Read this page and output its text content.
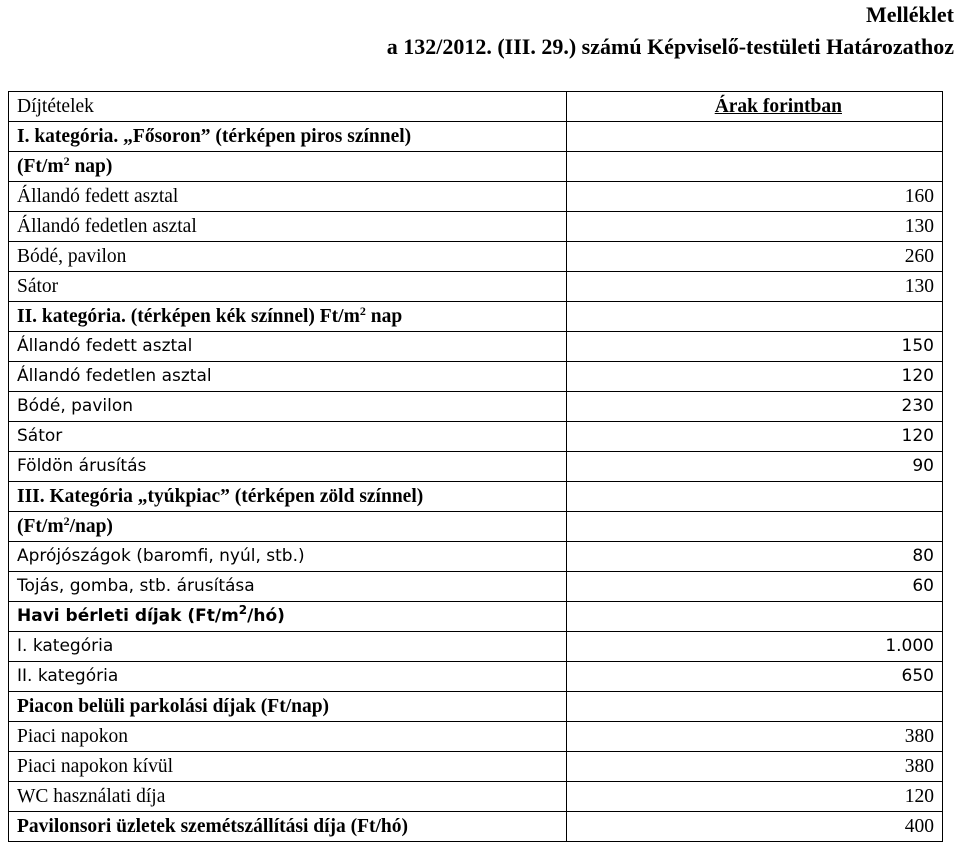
Melléklet
a 132/2012. (III. 29.) számú Képviselő-testületi Határozathoz
Díjtételek	Árak forintban
I. kategória. „Fősoron” (térképen piros színnel)	
($Ft/m^2$ nap)	
Állandó fedett asztal	160
Állandó fedetlen asztal	130
Bódé, pavilon	260
Sátor	130
II. kategória. (térképen kék színnel) $Ft/m^2$ nap	
Állandó fedett asztal	150
Állandó fedetlen asztal	120
Bódé, pavilon	230
Sátor	120
Földön árusítás	90
III. Kategória „tyúkpiac” (térképen zöld színnel)	
$(Ft/m^2/nap)$	
Aprójószágok (baromfi, nyúl, stb.)	80
Tojás, gomba, stb. árusítása	60
Havi bérleti díjak $(Ft/m^2/hó)$	
I. kategória	1.000
II. kategória	650
Piacon belüli parkolási díjak (Ft/nap)	
Piaci napokon	380
Piaci napokon kívül	380
WC használati díja	120
Pavilonsori üzletek szemétszállítási díja (Ft/hó)	400
